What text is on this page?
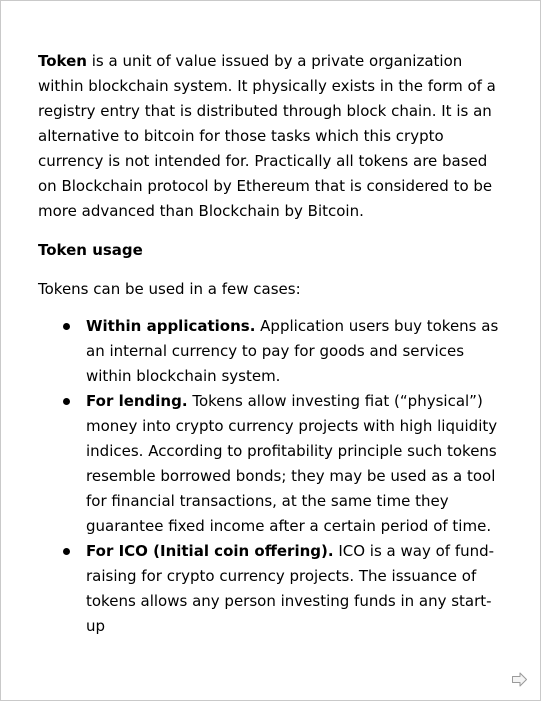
Token is a unit of value issued by a private organization within blockchain system. It physically exists in the form of a registry entry that is distributed through block chain. It is an alternative to bitcoin for those tasks which this crypto currency is not intended for. Practically all tokens are based on Blockchain protocol by Ethereum that is considered to be more advanced than Blockchain by Bitcoin.

Token usage

Tokens can be used in a few cases:

Within applications. Application users buy tokens as an internal currency to pay for goods and services within blockchain system.
For lending. Tokens allow investing fiat (“physical”) money into crypto currency projects with high liquidity indices. According to profitability principle such tokens resemble borrowed bonds; they may be used as a tool for financial transactions, at the same time they guarantee fixed income after a certain period of time.
For ICO (Initial coin offering). ICO is a way of fund-raising for crypto currency projects. The issuance of tokens allows any person investing funds in any start-up
